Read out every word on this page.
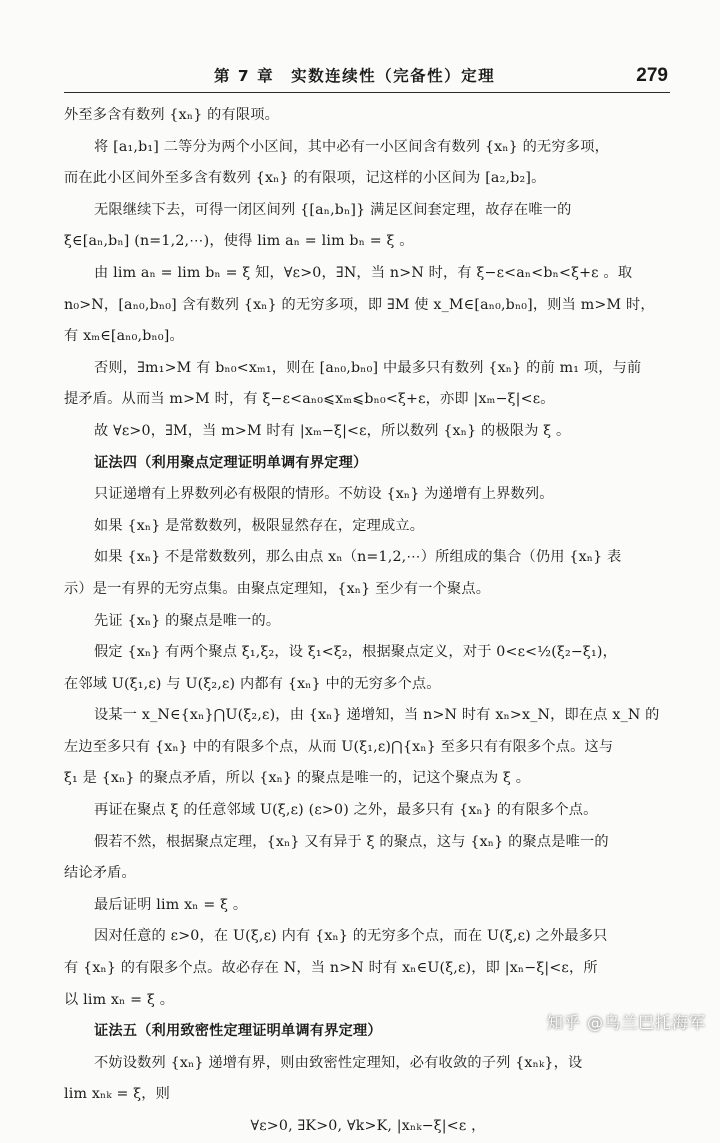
第 7 章　实数连续性（完备性）定理	279

外至多含有数列 {xₙ} 的有限项。

将 [a₁,b₁] 二等分为两个小区间，其中必有一小区间含有数列 {xₙ} 的无穷多项，

而在此小区间外至多含有数列 {xₙ} 的有限项，记这样的小区间为 [a₂,b₂]。

无限继续下去，可得一闭区间列 {[aₙ,bₙ]} 满足区间套定理，故存在唯一的

ξ∈[aₙ,bₙ] (n=1,2,⋯)，使得 lim aₙ = lim bₙ = ξ 。

由 lim aₙ = lim bₙ = ξ 知，∀ε>0，∃N，当 n>N 时，有 ξ−ε<aₙ<bₙ<ξ+ε 。取

n₀>N，[aₙ₀,bₙ₀] 含有数列 {xₙ} 的无穷多项，即 ∃M 使 x_M∈[aₙ₀,bₙ₀]，则当 m>M 时，

有 xₘ∈[aₙ₀,bₙ₀]。

否则，∃m₁>M 有 bₙ₀<xₘ₁，则在 [aₙ₀,bₙ₀] 中最多只有数列 {xₙ} 的前 m₁ 项，与前

提矛盾。从而当 m>M 时，有 ξ−ε<aₙ₀⩽xₘ⩽bₙ₀<ξ+ε，亦即 |xₘ−ξ|<ε。

故 ∀ε>0，∃M，当 m>M 时有 |xₘ−ξ|<ε，所以数列 {xₙ} 的极限为 ξ 。

证法四（利用聚点定理证明单调有界定理）

只证递增有上界数列必有极限的情形。不妨设 {xₙ} 为递增有上界数列。

如果 {xₙ} 是常数数列，极限显然存在，定理成立。

如果 {xₙ} 不是常数数列，那么由点 xₙ（n=1,2,⋯）所组成的集合（仍用 {xₙ} 表

示）是一有界的无穷点集。由聚点定理知，{xₙ} 至少有一个聚点。

先证 {xₙ} 的聚点是唯一的。

假定 {xₙ} 有两个聚点 ξ₁,ξ₂，设 ξ₁<ξ₂，根据聚点定义，对于 0<ε<½(ξ₂−ξ₁)，

在邻域 U(ξ₁,ε) 与 U(ξ₂,ε) 内都有 {xₙ} 中的无穷多个点。

设某一 x_N∈{xₙ}⋂U(ξ₂,ε)，由 {xₙ} 递增知，当 n>N 时有 xₙ>x_N，即在点 x_N 的

左边至多只有 {xₙ} 中的有限多个点，从而 U(ξ₁,ε)⋂{xₙ} 至多只有有限多个点。这与

ξ₁ 是 {xₙ} 的聚点矛盾，所以 {xₙ} 的聚点是唯一的，记这个聚点为 ξ 。

再证在聚点 ξ 的任意邻域 U(ξ,ε) (ε>0) 之外，最多只有 {xₙ} 的有限多个点。

假若不然，根据聚点定理，{xₙ} 又有异于 ξ 的聚点，这与 {xₙ} 的聚点是唯一的

结论矛盾。

最后证明 lim xₙ = ξ 。

因对任意的 ε>0，在 U(ξ,ε) 内有 {xₙ} 的无穷多个点，而在 U(ξ,ε) 之外最多只

有 {xₙ} 的有限多个点。故必存在 N，当 n>N 时有 xₙ∈U(ξ,ε)，即 |xₙ−ξ|<ε，所

以 lim xₙ = ξ 。

证法五（利用致密性定理证明单调有界定理）

不妨设数列 {xₙ} 递增有界，则由致密性定理知，必有收敛的子列 {xₙₖ}，设

lim xₙₖ = ξ，则

∀ε>0, ∃K>0, ∀k>K, |xₙₖ−ξ|<ε ，

知乎 @乌兰巴托海军
